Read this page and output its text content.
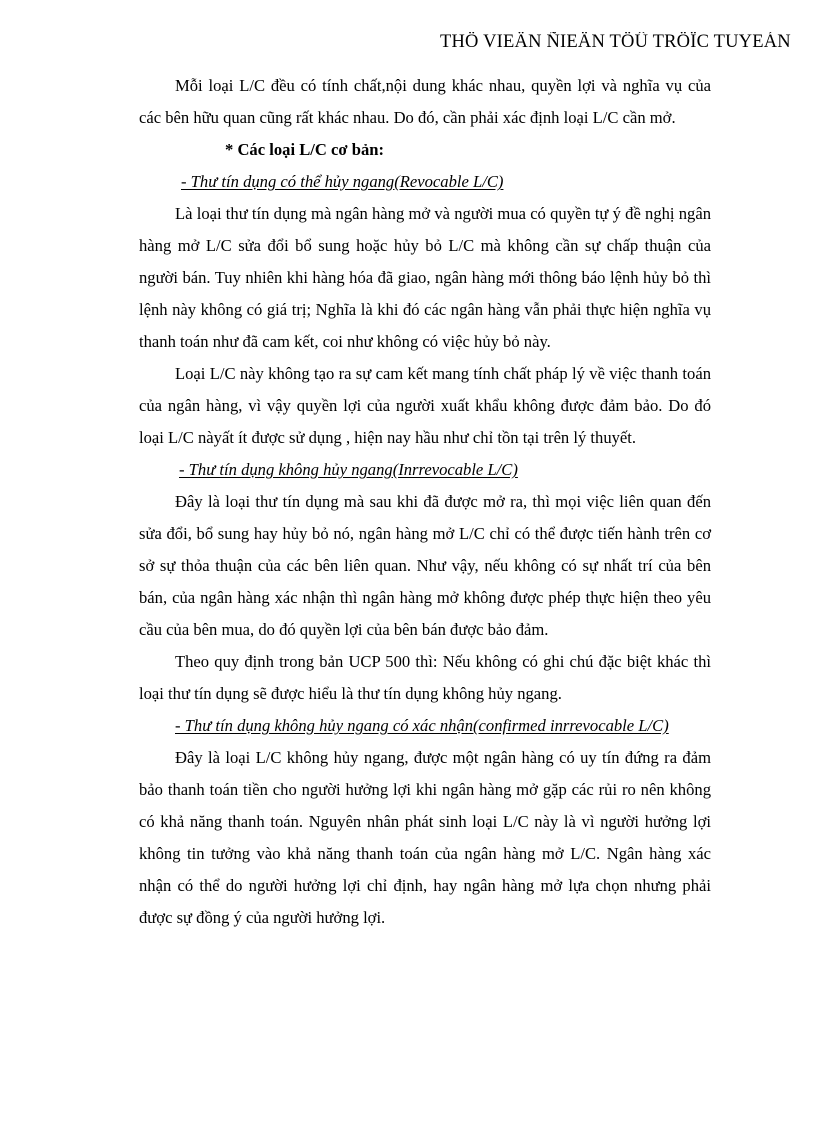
THÖ VIEÄN ÑIEÄN TÖÛ TRÖÏC TUYEÁN

Mỗi loại L/C đều có tính chất,nội dung khác nhau, quyền lợi và nghĩa vụ của các bên hữu quan cũng rất khác nhau. Do đó, cần phải xác định loại L/C cần mở.

* Các loại L/C cơ bản:

- Thư tín dụng có thể hủy ngang(Revocable L/C)

Là loại thư tín dụng mà ngân hàng mở và người mua có quyền tự ý đề nghị ngân hàng mở L/C sửa đổi bổ sung hoặc hủy bỏ L/C mà không cần sự chấp thuận của người bán. Tuy nhiên khi hàng hóa đã giao, ngân hàng mới thông báo lệnh hủy bỏ thì lệnh này không có giá trị; Nghĩa là khi đó các ngân hàng vẫn phải thực hiện nghĩa vụ thanh toán như đã cam kết, coi như không có việc hủy bỏ này.

Loại L/C này không tạo ra sự cam kết mang tính chất pháp lý về việc thanh toán của ngân hàng, vì vậy quyền lợi của người xuất khẩu không được đảm bảo. Do đó loại L/C nàyất ít được sử dụng , hiện nay hầu như chỉ tồn tại trên lý thuyết.

- Thư tín dụng không hủy ngang(Inrrevocable L/C)

Đây là loại thư tín dụng mà sau khi đã được mở ra, thì mọi việc liên quan đến sửa đổi, bổ sung hay hủy bỏ nó, ngân hàng mở L/C chỉ có thể được tiến hành trên cơ sở sự thỏa thuận của các bên liên quan. Như vậy, nếu không có sự nhất trí của bên bán, của ngân hàng xác nhận thì ngân hàng mở không được phép thực hiện theo yêu cầu của bên mua, do đó quyền lợi của bên bán được bảo đảm.

Theo quy định trong bản UCP 500 thì: Nếu không có ghi chú đặc biệt khác thì loại thư tín dụng sẽ được hiểu là thư tín dụng không hủy ngang.

- Thư tín dụng không hủy ngang có xác nhận(confirmed inrrevocable L/C)

Đây là loại L/C không hủy ngang, được một ngân hàng có uy tín đứng ra đảm bảo thanh toán tiền cho người hưởng lợi khi ngân hàng mở gặp các rủi ro nên không có khả năng thanh toán. Nguyên nhân phát sinh loại L/C này là vì người hưởng lợi không tin tưởng vào khả năng thanh toán của ngân hàng mở L/C. Ngân hàng xác nhận có thể do người hưởng lợi chỉ định, hay ngân hàng mở lựa chọn nhưng phải được sự đồng ý của người hưởng lợi.
